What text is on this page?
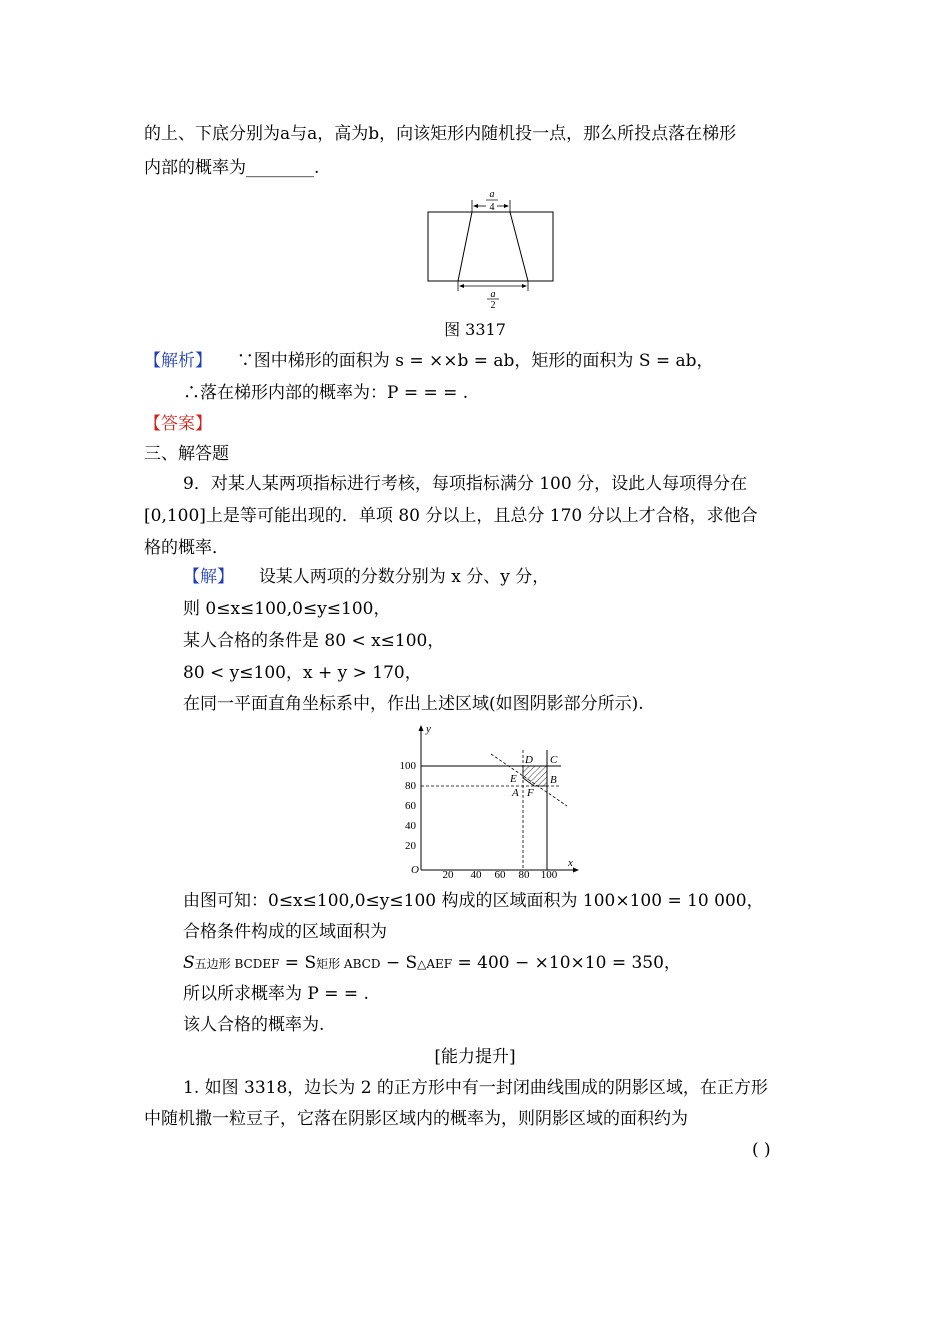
的上、下底分别为a与a，高为b，向该矩形内随机投一点，那么所投点落在梯形
内部的概率为________.
a
4
a
2
图 3317
【解析】 ∵图中梯形的面积为 s = ××b = ab，矩形的面积为 S = ab，
∴落在梯形内部的概率为：P = = = .
【答案】
三、解答题
9．对某人某两项指标进行考核，每项指标满分 100 分，设此人每项得分在
[0,100]上是等可能出现的．单项 80 分以上，且总分 170 分以上才合格，求他合
格的概率．
【解】 设某人两项的分数分别为 x 分、y 分，
则 0≤x≤100,0≤y≤100，
某人合格的条件是 80 < x≤100，
80 < y≤100，x + y > 170，
在同一平面直角坐标系中，作出上述区域(如图阴影部分所示).
y
x
O
100
80
60
40
20
20 40 60 80 100
D C
E	B
A F
由图可知：0≤x≤100,0≤y≤100 构成的区域面积为 100×100 = 10 000，
合格条件构成的区域面积为
S五边形 BCDEF = S矩形 ABCD − S△AEF = 400 − ×10×10 = 350，
所以所求概率为 P = = .
该人合格的概率为.
[能力提升]
1. 如图 3318，边长为 2 的正方形中有一封闭曲线围成的阴影区域，在正方形
中随机撒一粒豆子，它落在阴影区域内的概率为，则阴影区域的面积约为
( )
